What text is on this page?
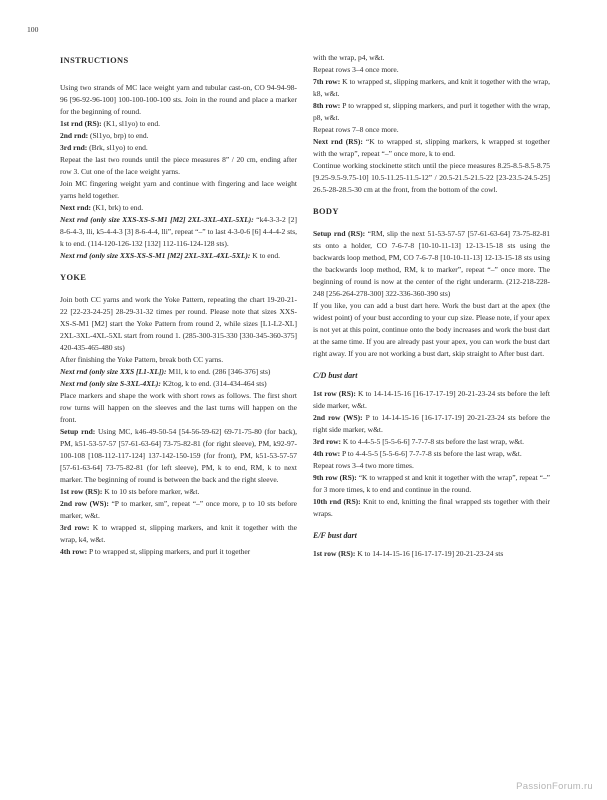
100
INSTRUCTIONS

Using two strands of MC lace weight yarn and tubular cast-on, CO 94-94-98-96 [96-92-96-100] 100-100-100-100 sts. Join in the round and place a marker for the beginning of round.

1st rnd (RS): (K1, sl1yo) to end.

2nd rnd: (Sl1yo, brp) to end.

3rd rnd: (Brk, sl1yo) to end.

Repeat the last two rounds until the piece measures 8” / 20 cm, ending after row 3. Cut one of the lace weight yarns.

Join MC fingering weight yarn and continue with fingering and lace weight yarns held together.

Next rnd: (K1, brk) to end.

Next rnd (only size XXS-XS-S-M1 [M2] 2XL-3XL-4XL-5XL): “k4-3-3-2 [2] 8-6-4-3, lli, k5-4-4-3 [3] 8-6-4-4, lli”, repeat “–” to last 4-3-0-6 [6] 4-4-4-2 sts, k to end. (114-120-126-132 [132] 112-116-124-128 sts).

Next rnd (only size XXS-XS-S-M1 [M2] 2XL-3XL-4XL-5XL): K to end.

YOKE

Join both CC yarns and work the Yoke Pattern, repeating the chart 19-20-21-22 [22-23-24-25] 28-29-31-32 times per round. Please note that sizes XXS-XS-S-M1 [M2] start the Yoke Pattern from round 2, while sizes [L1-L2-XL] 2XL-3XL-4XL-5XL start from round 1. (285-300-315-330 [330-345-360-375] 420-435-465-480 sts)

After finishing the Yoke Pattern, break both CC yarns.

Next rnd (only size XXS [L1-XL]): M1l, k to end. (286 [346-376] sts)

Next rnd (only size S-3XL-4XL): K2tog, k to end. (314-434-464 sts)

Place markers and shape the work with short rows as follows. The first short row turns will happen on the sleeves and the last turns will happen on the front.

Setup rnd: Using MC, k46-49-50-54 [54-56-59-62] 69-71-75-80 (for back), PM, k51-53-57-57 [57-61-63-64] 73-75-82-81 (for right sleeve), PM, k92-97-100-108 [108-112-117-124] 137-142-150-159 (for front), PM, k51-53-57-57 [57-61-63-64] 73-75-82-81 (for left sleeve), PM, k to end, RM, k to next marker. The beginning of round is between the back and the right sleeve.

1st row (RS): K to 10 sts before marker, w&t.

2nd row (WS): “P to marker, sm”, repeat “–” once more, p to 10 sts before marker, w&t.

3rd row: K to wrapped st, slipping markers, and knit it together with the wrap, k4, w&t.

4th row: P to wrapped st, slipping markers, and purl it together

with the wrap, p4, w&t.

Repeat rows 3–4 once more.

7th row: K to wrapped st, slipping markers, and knit it together with the wrap, k8, w&t.

8th row: P to wrapped st, slipping markers, and purl it together with the wrap, p8, w&t.

Repeat rows 7–8 once more.

Next rnd (RS): “K to wrapped st, slipping markers, k wrapped st together with the wrap”, repeat “–” once more, k to end.

Continue working stockinette stitch until the piece measures 8.25-8.5-8.5-8.75 [9.25-9.5-9.75-10] 10.5-11.25-11.5-12” / 20.5-21.5-21.5-22 [23-23.5-24.5-25] 26.5-28-28.5-30 cm at the front, from the bottom of the cowl.

BODY

Setup rnd (RS): “RM, slip the next 51-53-57-57 [57-61-63-64] 73-75-82-81 sts onto a holder, CO 7-6-7-8 [10-10-11-13] 12-13-15-18 sts using the backwards loop method, PM, CO 7-6-7-8 [10-10-11-13] 12-13-15-18 sts using the backwards loop method, RM, k to marker”, repeat “–” once more. The beginning of round is now at the center of the right underarm. (212-218-228-248 [256-264-278-300] 322-336-360-390 sts)

If you like, you can add a bust dart here. Work the bust dart at the apex (the widest point) of your bust according to your cup size. Please note, if your apex is not yet at this point, continue onto the body increases and work the bust dart at the same time. If you are already past your apex, you can work the bust dart right away. If you are not working a bust dart, skip straight to After bust dart.

C/D bust dart

1st row (RS): K to 14-14-15-16 [16-17-17-19] 20-21-23-24 sts before the left side marker, w&t.

2nd row (WS): P to 14-14-15-16 [16-17-17-19] 20-21-23-24 sts before the right side marker, w&t.

3rd row: K to 4-4-5-5 [5-5-6-6] 7-7-7-8 sts before the last wrap, w&t.

4th row: P to 4-4-5-5 [5-5-6-6] 7-7-7-8 sts before the last wrap, w&t.

Repeat rows 3–4 two more times.

9th row (RS): “K to wrapped st and knit it together with the wrap”, repeat “–” for 3 more times, k to end and continue in the round.

10th rnd (RS): Knit to end, knitting the final wrapped sts together with their wraps.

E/F bust dart

1st row (RS): K to 14-14-15-16 [16-17-17-19] 20-21-23-24 sts

PassionForum.ru
